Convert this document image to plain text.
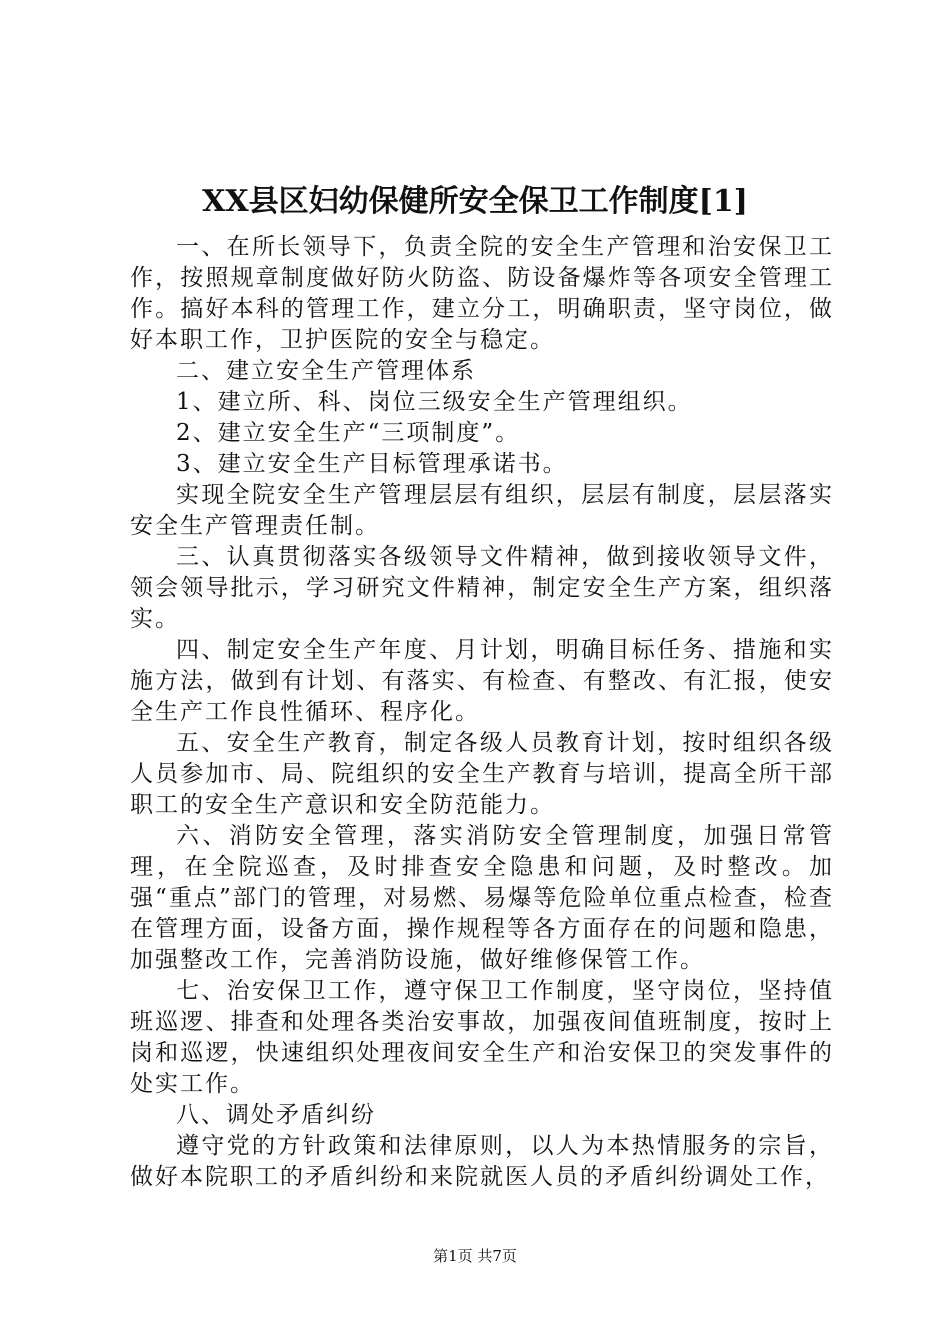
XX县区妇幼保健所安全保卫工作制度[1]

一、在所长领导下，负责全院的安全生产管理和治安保卫工作，按照规章制度做好防火防盗、防设备爆炸等各项安全管理工作。搞好本科的管理工作，建立分工，明确职责，坚守岗位，做好本职工作，卫护医院的安全与稳定。

二、建立安全生产管理体系

1、建立所、科、岗位三级安全生产管理组织。

2、建立安全生产“三项制度”。

3、建立安全生产目标管理承诺书。

实现全院安全生产管理层层有组织，层层有制度，层层落实安全生产管理责任制。

三、认真贯彻落实各级领导文件精神，做到接收领导文件，领会领导批示，学习研究文件精神，制定安全生产方案，组织落实。

四、制定安全生产年度、月计划，明确目标任务、措施和实施方法，做到有计划、有落实、有检查、有整改、有汇报，使安全生产工作良性循环、程序化。

五、安全生产教育，制定各级人员教育计划，按时组织各级人员参加市、局、院组织的安全生产教育与培训，提高全所干部职工的安全生产意识和安全防范能力。

六、消防安全管理，落实消防安全管理制度，加强日常管理，在全院巡查，及时排查安全隐患和问题，及时整改。加强“重点”部门的管理，对易燃、易爆等危险单位重点检查，检查在管理方面，设备方面，操作规程等各方面存在的问题和隐患，加强整改工作，完善消防设施，做好维修保管工作。

七、治安保卫工作，遵守保卫工作制度，坚守岗位，坚持值班巡逻、排查和处理各类治安事故，加强夜间值班制度，按时上岗和巡逻，快速组织处理夜间安全生产和治安保卫的突发事件的处实工作。

八、调处矛盾纠纷

遵守党的方针政策和法律原则，以人为本热情服务的宗旨，做好本院职工的矛盾纠纷和来院就医人员的矛盾纠纷调处工作，

第1页 共7页
